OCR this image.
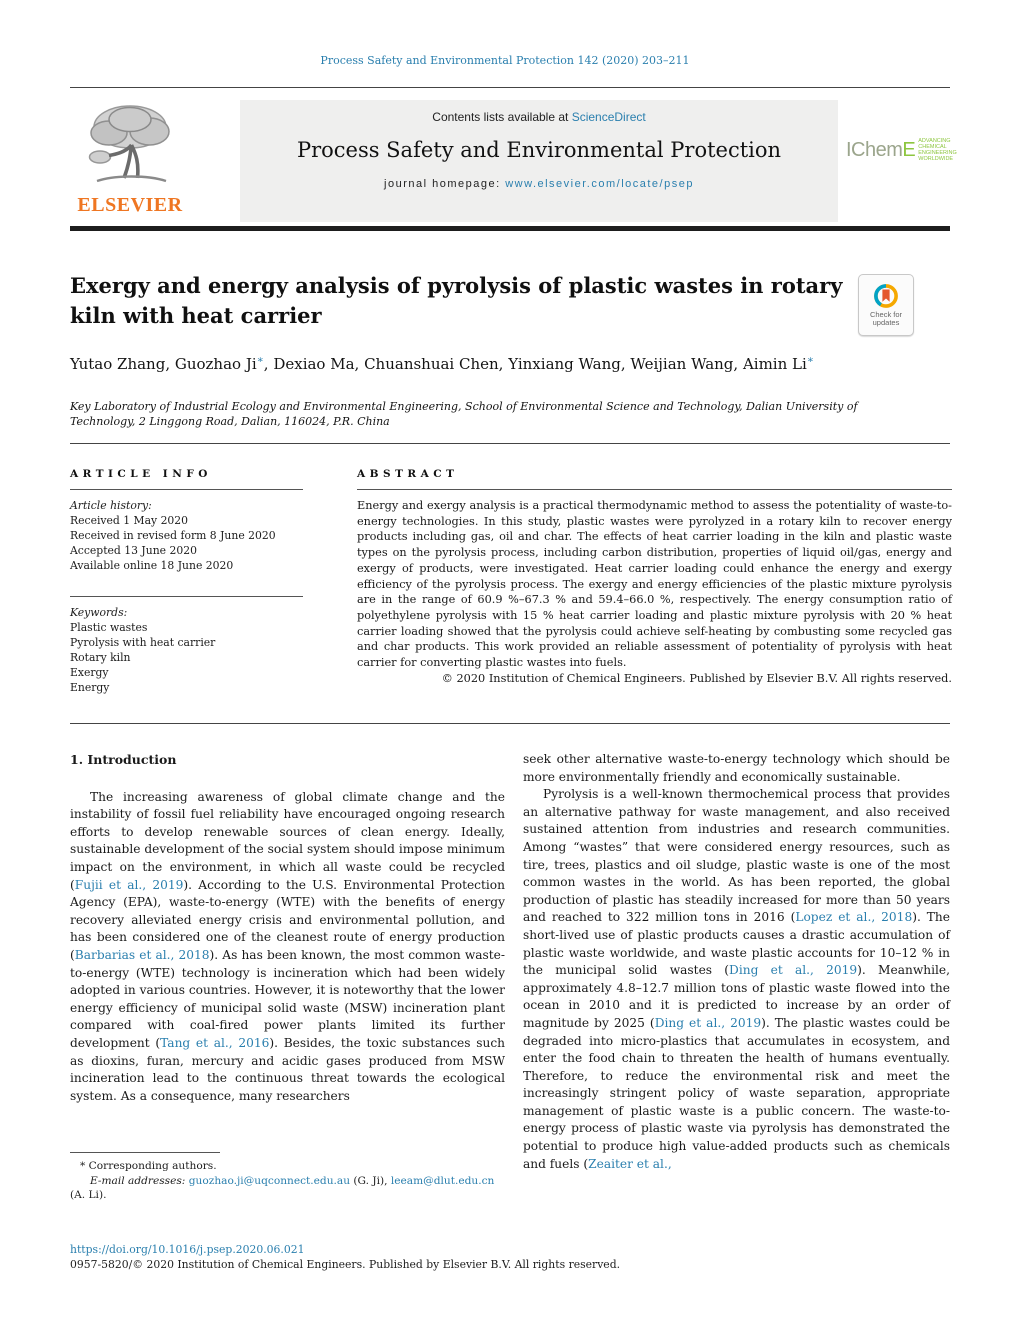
Process Safety and Environmental Protection 142 (2020) 203–211
ELSEVIER
Contents lists available at ScienceDirect
Process Safety and Environmental Protection
journal homepage: www.elsevier.com/locate/psep
IChemE ADVANCING CHEMICAL ENGINEERING WORLDWIDE
Exergy and energy analysis of pyrolysis of plastic wastes in rotary kiln with heat carrier	Check for updates
Yutao Zhang, Guozhao Ji∗, Dexiao Ma, Chuanshuai Chen, Yinxiang Wang, Weijian Wang, Aimin Li∗
Key Laboratory of Industrial Ecology and Environmental Engineering, School of Environmental Science and Technology, Dalian University of Technology, 2 Linggong Road, Dalian, 116024, P.R. China
ARTICLE INFO
Article history:
Received 1 May 2020
Received in revised form 8 June 2020
Accepted 13 June 2020
Available online 18 June 2020
Keywords:
Plastic wastes
Pyrolysis with heat carrier
Rotary kiln
Exergy
Energy
ABSTRACT
Energy and exergy analysis is a practical thermodynamic method to assess the potentiality of waste-to-energy technologies. In this study, plastic wastes were pyrolyzed in a rotary kiln to recover energy products including gas, oil and char. The effects of heat carrier loading in the kiln and plastic waste types on the pyrolysis process, including carbon distribution, properties of liquid oil/gas, energy and exergy of products, were investigated. Heat carrier loading could enhance the energy and exergy efficiency of the pyrolysis process. The exergy and energy efficiencies of the plastic mixture pyrolysis are in the range of 60.9 %–67.3 % and 59.4–66.0 %, respectively. The energy consumption ratio of polyethylene pyrolysis with 15 % heat carrier loading and plastic mixture pyrolysis with 20 % heat carrier loading showed that the pyrolysis could achieve self-heating by combusting some recycled gas and char products. This work provided an reliable assessment of potentiality of pyrolysis with heat carrier for converting plastic wastes into fuels.
© 2020 Institution of Chemical Engineers. Published by Elsevier B.V. All rights reserved.
1. Introduction

The increasing awareness of global climate change and the instability of fossil fuel reliability have encouraged ongoing research efforts to develop renewable sources of clean energy. Ideally, sustainable development of the social system should impose minimum impact on the environment, in which all waste could be recycled (Fujii et al., 2019). According to the U.S. Environmental Protection Agency (EPA), waste-to-energy (WTE) with the benefits of energy recovery alleviated energy crisis and environmental pollution, and has been considered one of the cleanest route of energy production (Barbarias et al., 2018). As has been known, the most common waste-to-energy (WTE) technology is incineration which had been widely adopted in various countries. However, it is noteworthy that the lower energy efficiency of municipal solid waste (MSW) incineration plant compared with coal-fired power plants limited its further development (Tang et al., 2016). Besides, the toxic substances such as dioxins, furan, mercury and acidic gases produced from MSW incineration lead to the continuous threat towards the ecological system. As a consequence, many researchers

seek other alternative waste-to-energy technology which should be more environmentally friendly and economically sustainable.

Pyrolysis is a well-known thermochemical process that provides an alternative pathway for waste management, and also received sustained attention from industries and research communities. Among “wastes” that were considered energy resources, such as tire, trees, plastics and oil sludge, plastic waste is one of the most common wastes in the world. As has been reported, the global production of plastic has steadily increased for more than 50 years and reached to 322 million tons in 2016 (Lopez et al., 2018). The short-lived use of plastic products causes a drastic accumulation of plastic waste worldwide, and waste plastic accounts for 10–12 % in the municipal solid wastes (Ding et al., 2019). Meanwhile, approximately 4.8–12.7 million tons of plastic waste flowed into the ocean in 2010 and it is predicted to increase by an order of magnitude by 2025 (Ding et al., 2019). The plastic wastes could be degraded into micro-plastics that accumulates in ecosystem, and enter the food chain to threaten the health of humans eventually. Therefore, to reduce the environmental risk and meet the increasingly stringent policy of waste separation, appropriate management of plastic waste is a public concern. The waste-to-energy process of plastic waste via pyrolysis has demonstrated the potential to produce high value-added products such as chemicals and fuels (Zeaiter et al.,

* Corresponding authors.

E-mail addresses: guozhao.ji@uqconnect.edu.au (G. Ji), leeam@dlut.edu.cn (A. Li).

https://doi.org/10.1016/j.psep.2020.06.021
0957-5820/© 2020 Institution of Chemical Engineers. Published by Elsevier B.V. All rights reserved.
